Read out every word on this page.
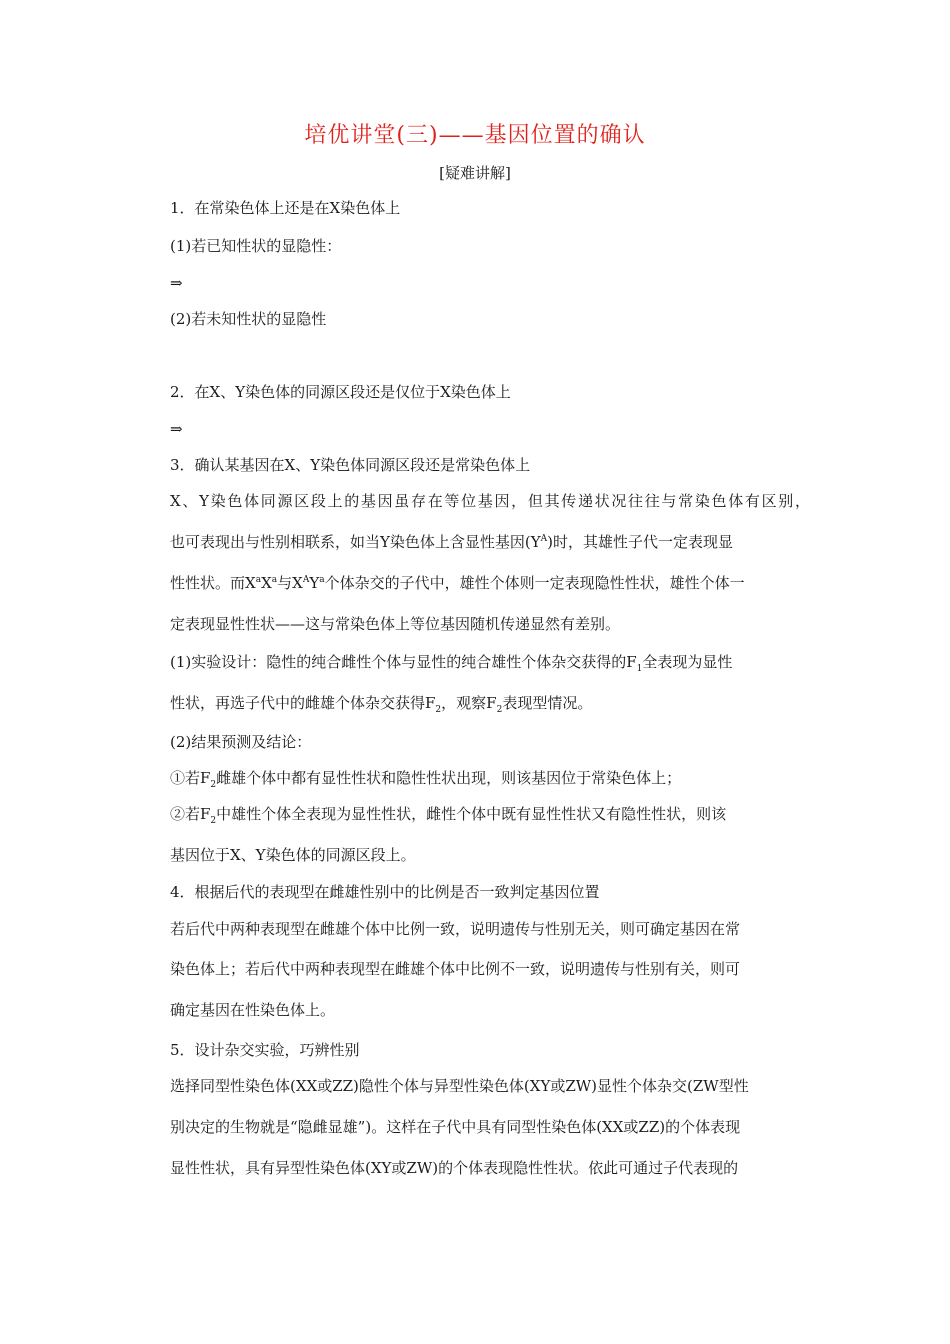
培优讲堂(三)——基因位置的确认
[疑难讲解]
1．在常染色体上还是在X染色体上
(1)若已知性状的显隐性：
⇒
(2)若未知性状的显隐性
2．在X、Y染色体的同源区段还是仅位于X染色体上
⇒
3．确认某基因在X、Y染色体同源区段还是常染色体上
X、Y染色体同源区段上的基因虽存在等位基因，但其传递状况往往与常染色体有区别，
也可表现出与性别相联系，如当Y染色体上含显性基因$(Y^A)$时，其雄性子代一定表现显
性性状。而$X^aX^a$与$X^AY^a$个体杂交的子代中，雄性个体则一定表现隐性性状，雄性个体一
定表现显性性状——这与常染色体上等位基因随机传递显然有差别。
(1)实验设计：隐性的纯合雌性个体与显性的纯合雄性个体杂交获得的$F_1$全表现为显性
性状，再选子代中的雌雄个体杂交获得$F_2$，观察$F_2$表现型情况。
(2)结果预测及结论：
①若$F_2$雌雄个体中都有显性性状和隐性性状出现，则该基因位于常染色体上；
②若$F_2$中雄性个体全表现为显性性状，雌性个体中既有显性性状又有隐性性状，则该
基因位于X、Y染色体的同源区段上。
4．根据后代的表现型在雌雄性别中的比例是否一致判定基因位置
若后代中两种表现型在雌雄个体中比例一致，说明遗传与性别无关，则可确定基因在常
染色体上；若后代中两种表现型在雌雄个体中比例不一致，说明遗传与性别有关，则可
确定基因在性染色体上。
5．设计杂交实验，巧辨性别
选择同型性染色体(XX或ZZ)隐性个体与异型性染色体(XY或ZW)显性个体杂交(ZW型性
别决定的生物就是“隐雌显雄”)。这样在子代中具有同型性染色体(XX或ZZ)的个体表现
显性性状，具有异型性染色体(XY或ZW)的个体表现隐性性状。依此可通过子代表现的
